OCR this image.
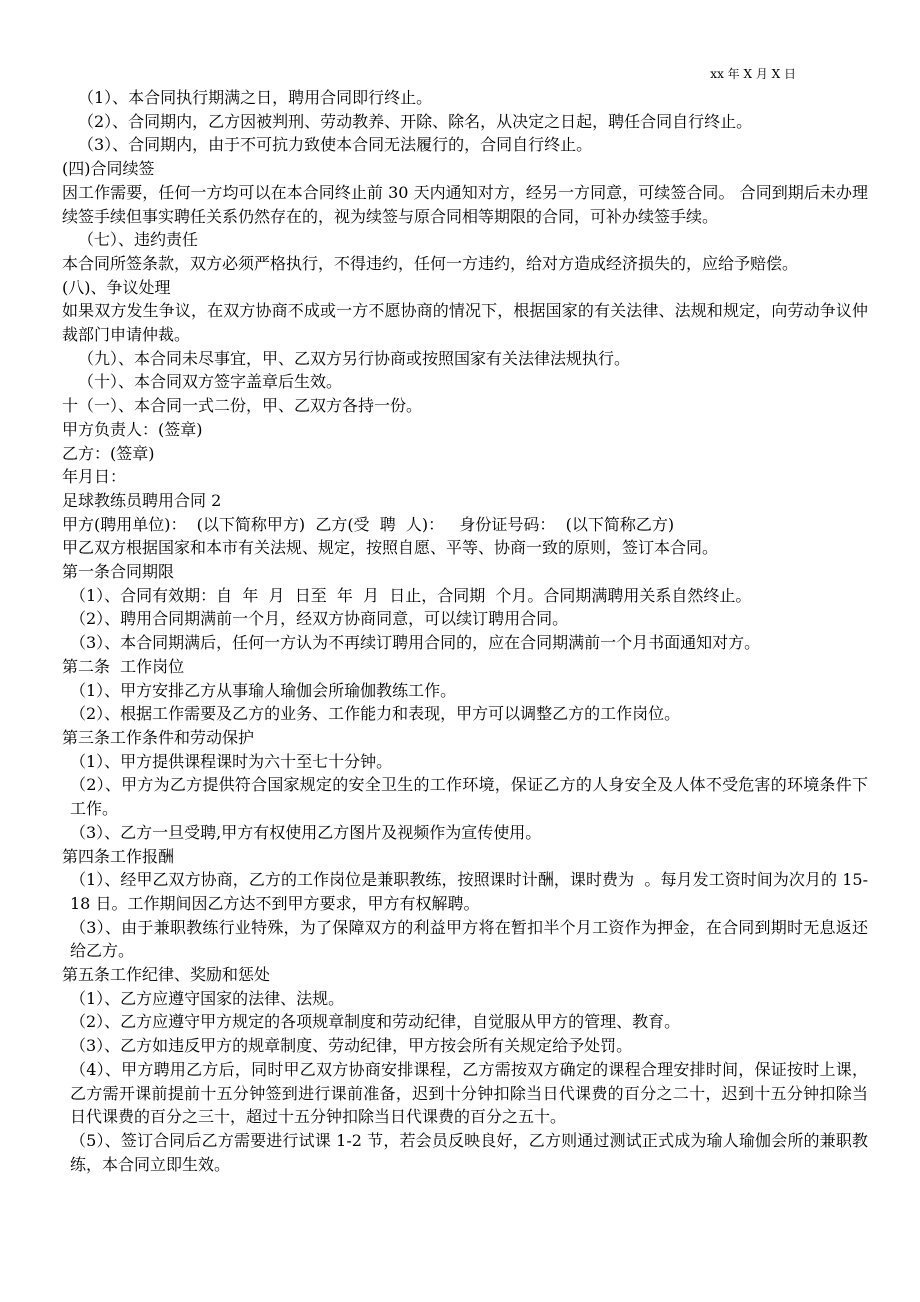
xx 年 X 月 X 日

（1）、本合同执行期满之日，聘用合同即行终止。

（2）、合同期内，乙方因被判刑、劳动教养、开除、除名，从决定之日起，聘任合同自行终止。

（3）、合同期内，由于不可抗力致使本合同无法履行的，合同自行终止。

(四)合同续签

因工作需要，任何一方均可以在本合同终止前 30 天内通知对方，经另一方同意，可续签合同。 合同到期后未办理续签手续但事实聘任关系仍然存在的，视为续签与原合同相等期限的合同，可补办续签手续。

（七）、违约责任

本合同所签条款，双方必须严格执行，不得违约，任何一方违约，给对方造成经济损失的，应给予赔偿。

(八)、争议处理

如果双方发生争议，在双方协商不成或一方不愿协商的情况下，根据国家的有关法律、法规和规定，向劳动争议仲裁部门申请仲裁。

（九）、本合同未尽事宜，甲、乙双方另行协商或按照国家有关法律法规执行。

（十）、本合同双方签字盖章后生效。

十（一）、本合同一式二份，甲、乙双方各持一份。

甲方负责人：(签章)

乙方：(签章)

年月日：

足球教练员聘用合同 2

甲方(聘用单位)：  (以下简称甲方)  乙方(受  聘  人)：   身份证号码：  (以下简称乙方)

甲乙双方根据国家和本市有关法规、规定，按照自愿、平等、协商一致的原则，签订本合同。

第一条合同期限

（1）、合同有效期：自  年  月  日至  年  月  日止，合同期  个月。合同期满聘用关系自然终止。

（2）、聘用合同期满前一个月，经双方协商同意，可以续订聘用合同。

（3）、本合同期满后，任何一方认为不再续订聘用合同的，应在合同期满前一个月书面通知对方。

第二条  工作岗位

（1）、甲方安排乙方从事瑜人瑜伽会所瑜伽教练工作。

（2）、根据工作需要及乙方的业务、工作能力和表现，甲方可以调整乙方的工作岗位。

第三条工作条件和劳动保护

（1）、甲方提供课程课时为六十至七十分钟。

（2）、甲方为乙方提供符合国家规定的安全卫生的工作环境，保证乙方的人身安全及人体不受危害的环境条件下工作。

（3）、乙方一旦受聘,甲方有权使用乙方图片及视频作为宣传使用。

第四条工作报酬

（1）、经甲乙双方协商，乙方的工作岗位是兼职教练，按照课时计酬，课时费为  。每月发工资时间为次月的 15-18 日。工作期间因乙方达不到甲方要求，甲方有权解聘。

（3）、由于兼职教练行业特殊，为了保障双方的利益甲方将在暂扣半个月工资作为押金，在合同到期时无息返还给乙方。

第五条工作纪律、奖励和惩处

（1）、乙方应遵守国家的法律、法规。

（2）、乙方应遵守甲方规定的各项规章制度和劳动纪律，自觉服从甲方的管理、教育。

（3）、乙方如违反甲方的规章制度、劳动纪律，甲方按会所有关规定给予处罚。

（4）、甲方聘用乙方后，同时甲乙双方协商安排课程，乙方需按双方确定的课程合理安排时间，保证按时上课，乙方需开课前提前十五分钟签到进行课前准备，迟到十分钟扣除当日代课费的百分之二十，迟到十五分钟扣除当日代课费的百分之三十，超过十五分钟扣除当日代课费的百分之五十。

（5）、签订合同后乙方需要进行试课 1-2 节，若会员反映良好，乙方则通过测试正式成为瑜人瑜伽会所的兼职教练，本合同立即生效。
